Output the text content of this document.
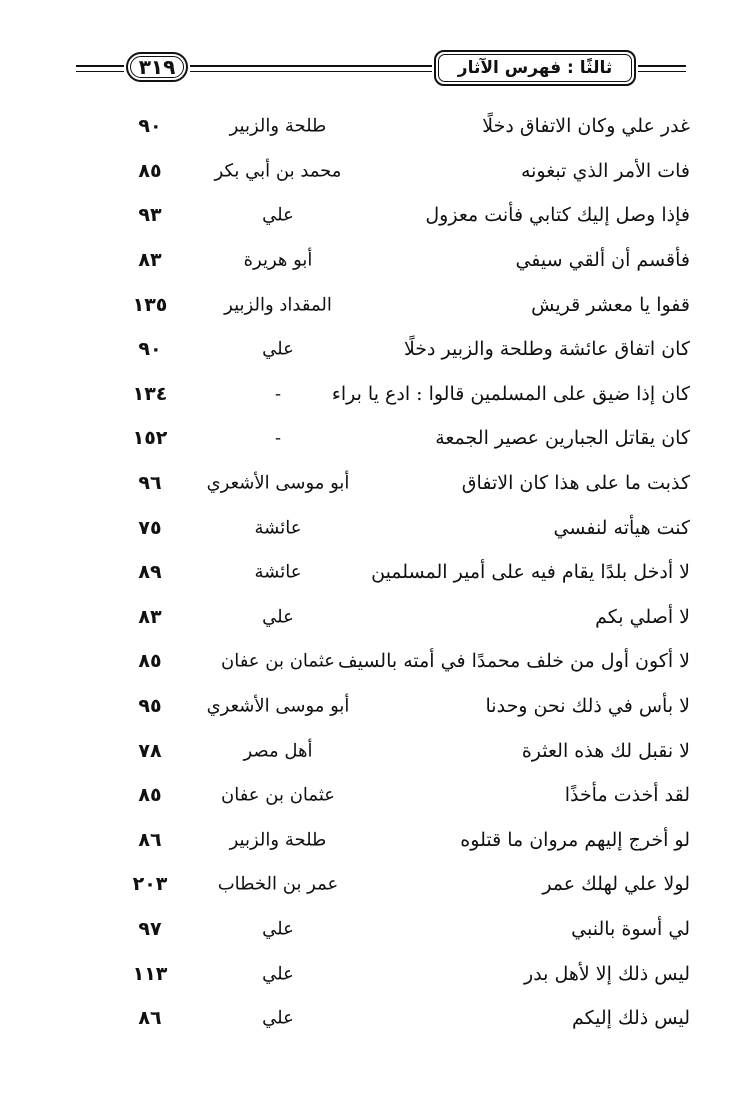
٣١٩	ثالثًا : فهرس الآثار
غدر علي وكان الاتفاق دخلًا
طلحة والزبير
٩٠
فات الأمر الذي تبغونه
محمد بن أبي بكر
٨٥
فإذا وصل إليك كتابي فأنت معزول
علي
٩٣
فأقسم أن ألقي سيفي
أبو هريرة
٨٣
قفوا يا معشر قريش
المقداد والزبير
١٣٥
كان اتفاق عائشة وطلحة والزبير دخلًا
علي
٩٠
كان إذا ضيق على المسلمين قالوا : ادع يا براء
-
١٣٤
كان يقاتل الجبارين عصير الجمعة
-
١٥٢
كذبت ما على هذا كان الاتفاق
أبو موسى الأشعري
٩٦
كنت هيأته لنفسي
عائشة
٧٥
لا أدخل بلدًا يقام فيه على أمير المسلمين
عائشة
٨٩
لا أصلي بكم
علي
٨٣
لا أكون أول من خلف محمدًا في أمته بالسيف
عثمان بن عفان
٨٥
لا بأس في ذلك نحن وحدنا
أبو موسى الأشعري
٩٥
لا نقبل لك هذه العثرة
أهل مصر
٧٨
لقد أخذت مأخذًا
عثمان بن عفان
٨٥
لو أخرج إليهم مروان ما قتلوه
طلحة والزبير
٨٦
لولا علي لهلك عمر
عمر بن الخطاب
٢٠٣
لي أسوة بالنبي
علي
٩٧
ليس ذلك إلا لأهل بدر
علي
١١٣
ليس ذلك إليكم
علي
٨٦
